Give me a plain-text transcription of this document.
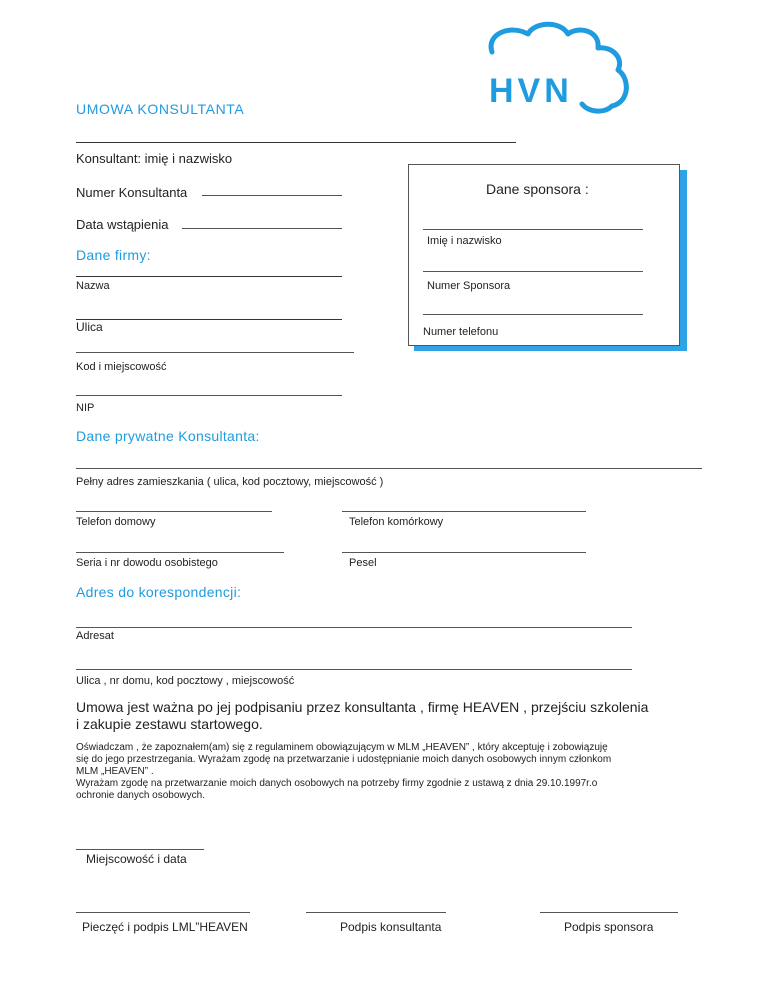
HVN
UMOWA KONSULTANTA
Konsultant: imię i nazwisko
Numer Konsultanta
Data wstąpienia
Dane sponsora :
Imię i nazwisko
Numer Sponsora
Numer telefonu
Dane firmy:
Nazwa
Ulica
Kod i miejscowość
NIP
Dane prywatne Konsultanta:
Pełny adres zamieszkania ( ulica, kod pocztowy, miejscowość )
Telefon domowy	Telefon komórkowy
Seria i nr dowodu osobistego	Pesel
Adres do korespondencji:
Adresat
Ulica , nr domu, kod pocztowy , miejscowość
Umowa jest ważna po jej podpisaniu przez konsultanta , firmę HEAVEN , przejściu szkolenia
i zakupie zestawu startowego.
Oświadczam , że zapoznałem(am) się z regulaminem obowiązującym w MLM „HEAVEN” , który akceptuję i zobowiązuję
się do jego przestrzegania. Wyrażam zgodę na przetwarzanie i udostępnianie moich danych osobowych innym członkom
MLM „HEAVEN” .
Wyrażam zgodę na przetwarzanie moich danych osobowych na potrzeby firmy zgodnie z ustawą z dnia 29.10.1997r.o
ochronie danych osobowych.
Miejscowość i data
Pieczęć i podpis LML”HEAVEN	Podpis konsultanta	Podpis sponsora
